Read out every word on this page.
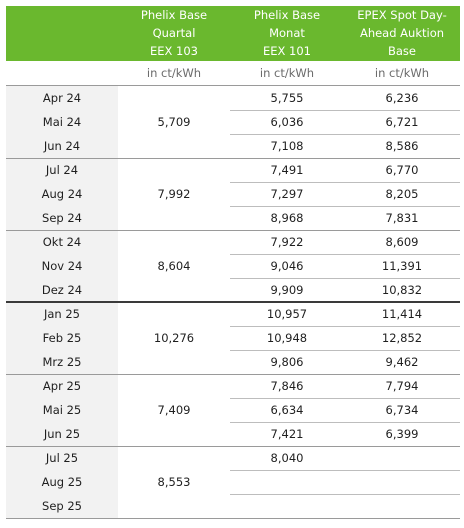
Phelix Base
Quartal
EEX 103
Phelix Base
Monat
EEX 101
EPEX Spot Day-
Ahead Auktion
Base
in ct/kWh	in ct/kWh	in ct/kWh
5,709
Apr 24	5,755	6,236
Mai 24	6,036	6,721
Jun 24	7,108	8,586
7,992
Jul 24	7,491	6,770
Aug 24	7,297	8,205
Sep 24	8,968	7,831
8,604
Okt 24	7,922	8,609
Nov 24	9,046	11,391
Dez 24	9,909	10,832
10,276
Jan 25	10,957	11,414
Feb 25	10,948	12,852
Mrz 25	9,806	9,462
7,409
Apr 25	7,846	7,794
Mai 25	6,634	6,734
Jun 25	7,421	6,399
8,553
Jul 25	8,040
Aug 25
Sep 25
